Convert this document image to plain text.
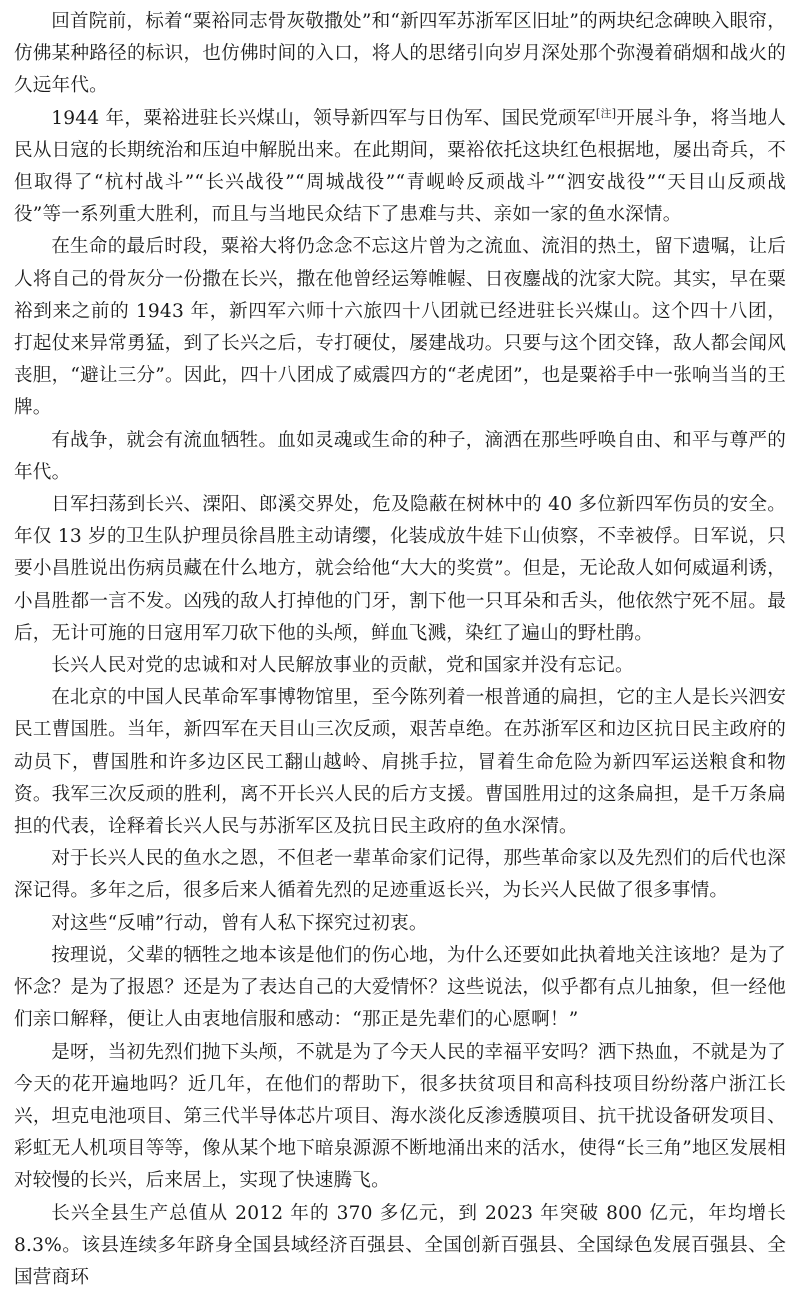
回首院前，标着“粟裕同志骨灰敬撒处”和“新四军苏浙军区旧址”的两块纪念碑映入眼帘，仿佛某种路径的标识，也仿佛时间的入口，将人的思绪引向岁月深处那个弥漫着硝烟和战火的久远年代。

1944 年，粟裕进驻长兴煤山，领导新四军与日伪军、国民党顽军[注]开展斗争，将当地人民从日寇的长期统治和压迫中解脱出来。在此期间，粟裕依托这块红色根据地，屡出奇兵，不但取得了“杭村战斗”“长兴战役”“周城战役”“青岘岭反顽战斗”“泗安战役”“天目山反顽战役”等一系列重大胜利，而且与当地民众结下了患难与共、亲如一家的鱼水深情。

在生命的最后时段，粟裕大将仍念念不忘这片曾为之流血、流泪的热土，留下遗嘱，让后人将自己的骨灰分一份撒在长兴，撒在他曾经运筹帷幄、日夜鏖战的沈家大院。其实，早在粟裕到来之前的 1943 年，新四军六师十六旅四十八团就已经进驻长兴煤山。这个四十八团，打起仗来异常勇猛，到了长兴之后，专打硬仗，屡建战功。只要与这个团交锋，敌人都会闻风丧胆，“避让三分”。因此，四十八团成了威震四方的“老虎团”，也是粟裕手中一张响当当的王牌。

有战争，就会有流血牺牲。血如灵魂或生命的种子，滴洒在那些呼唤自由、和平与尊严的年代。

日军扫荡到长兴、溧阳、郎溪交界处，危及隐蔽在树林中的 40 多位新四军伤员的安全。年仅 13 岁的卫生队护理员徐昌胜主动请缨，化装成放牛娃下山侦察，不幸被俘。日军说，只要小昌胜说出伤病员藏在什么地方，就会给他“大大的奖赏”。但是，无论敌人如何威逼利诱，小昌胜都一言不发。凶残的敌人打掉他的门牙，割下他一只耳朵和舌头，他依然宁死不屈。最后，无计可施的日寇用军刀砍下他的头颅，鲜血飞溅，染红了遍山的野杜鹃。

长兴人民对党的忠诚和对人民解放事业的贡献，党和国家并没有忘记。

在北京的中国人民革命军事博物馆里，至今陈列着一根普通的扁担，它的主人是长兴泗安民工曹国胜。当年，新四军在天目山三次反顽，艰苦卓绝。在苏浙军区和边区抗日民主政府的动员下，曹国胜和许多边区民工翻山越岭、肩挑手拉，冒着生命危险为新四军运送粮食和物资。我军三次反顽的胜利，离不开长兴人民的后方支援。曹国胜用过的这条扁担，是千万条扁担的代表，诠释着长兴人民与苏浙军区及抗日民主政府的鱼水深情。

对于长兴人民的鱼水之恩，不但老一辈革命家们记得，那些革命家以及先烈们的后代也深深记得。多年之后，很多后来人循着先烈的足迹重返长兴，为长兴人民做了很多事情。

对这些“反哺”行动，曾有人私下探究过初衷。

按理说，父辈的牺牲之地本该是他们的伤心地，为什么还要如此执着地关注该地？是为了怀念？是为了报恩？还是为了表达自己的大爱情怀？这些说法，似乎都有点儿抽象，但一经他们亲口解释，便让人由衷地信服和感动：“那正是先辈们的心愿啊！”

是呀，当初先烈们抛下头颅，不就是为了今天人民的幸福平安吗？洒下热血，不就是为了今天的花开遍地吗？近几年，在他们的帮助下，很多扶贫项目和高科技项目纷纷落户浙江长兴，坦克电池项目、第三代半导体芯片项目、海水淡化反渗透膜项目、抗干扰设备研发项目、彩虹无人机项目等等，像从某个地下暗泉源源不断地涌出来的活水，使得“长三角”地区发展相对较慢的长兴，后来居上，实现了快速腾飞。

长兴全县生产总值从 2012 年的 370 多亿元，到 2023 年突破 800 亿元，年均增长 8.3%。该县连续多年跻身全国县域经济百强县、全国创新百强县、全国绿色发展百强县、全国营商环
